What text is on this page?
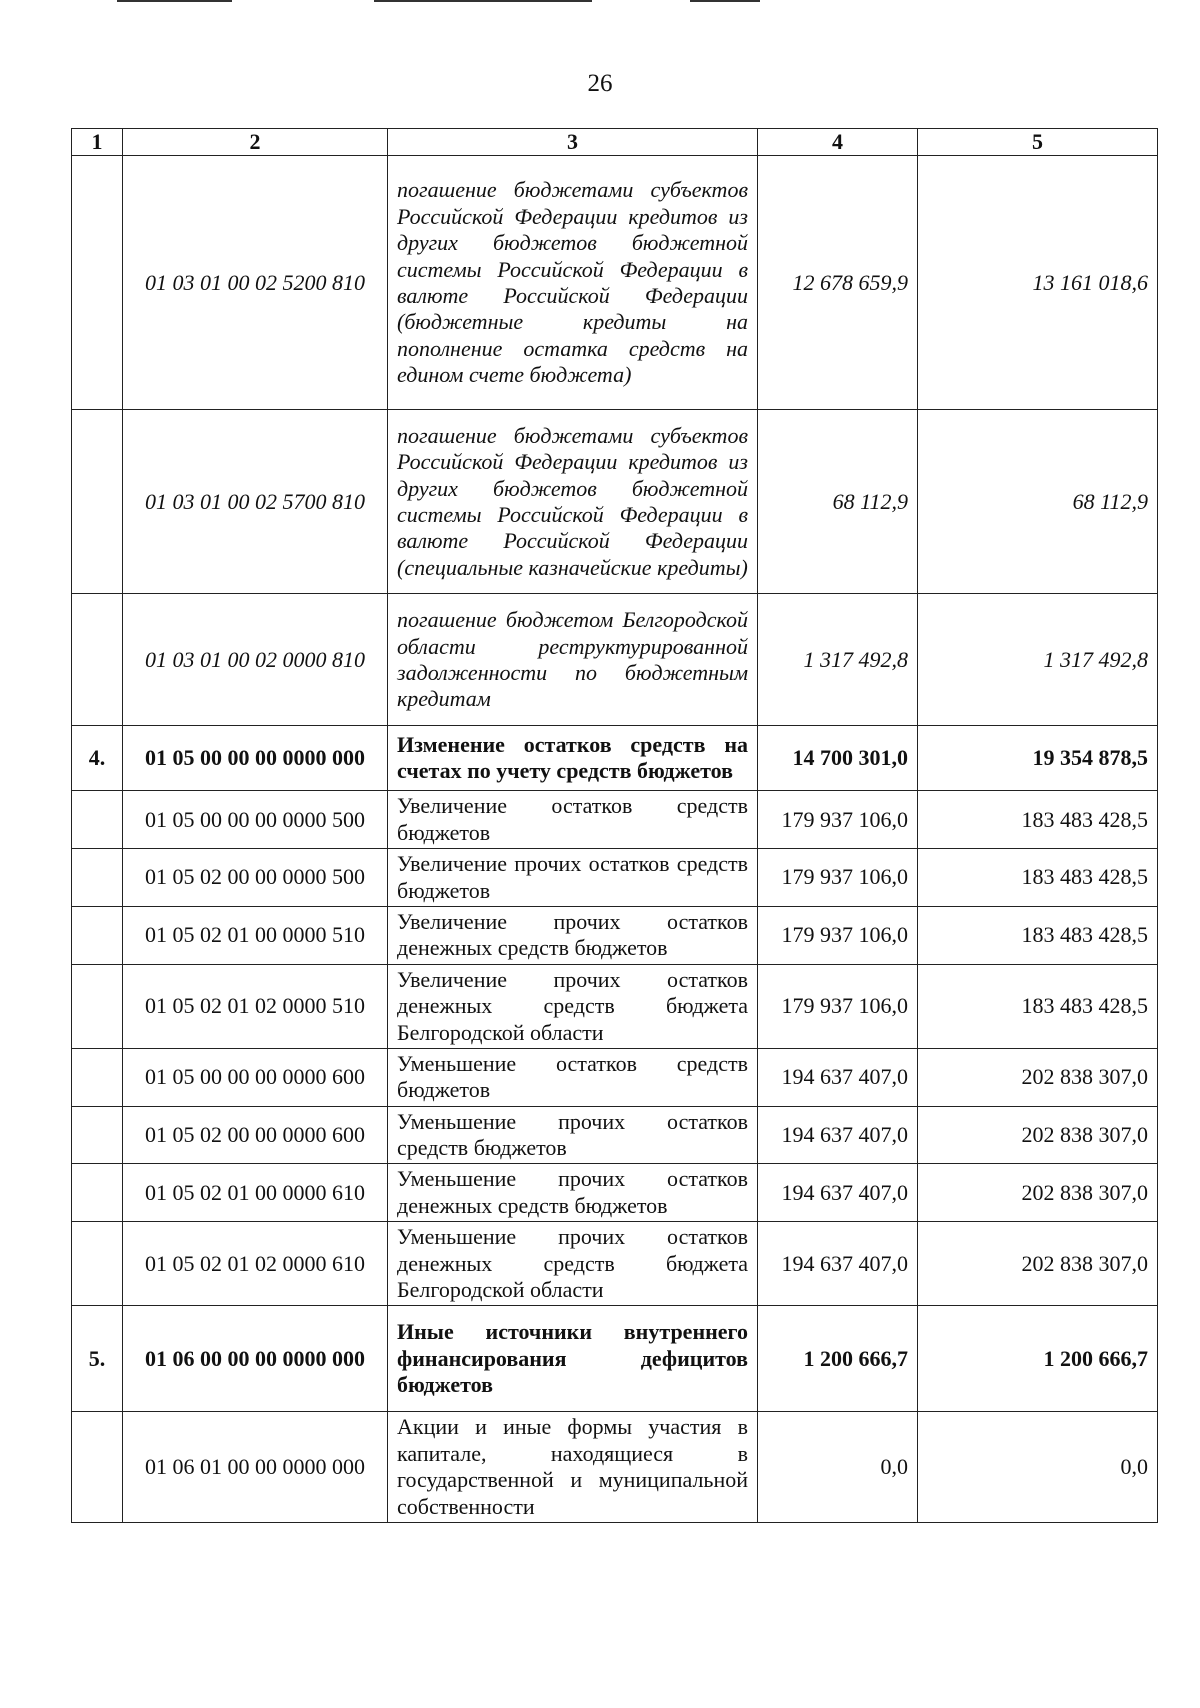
26
1	2	3	4	5
	01 03 01 00 02 5200 810	погашение бюджетами субъектов Российской Федерации кредитов из других бюджетов бюджетной системы Российской Федерации в валюте Российской Федерации (бюджетные кредиты на пополнение остатка средств на едином счете бюджета)	12 678 659,9	13 161 018,6
	01 03 01 00 02 5700 810	погашение бюджетами субъектов Российской Федерации кредитов из других бюджетов бюджетной системы Российской Федерации в валюте Российской Федерации (специальные казначейские кредиты)	68 112,9	68 112,9
	01 03 01 00 02 0000 810	погашение бюджетом Белгородской области реструктурированной задолженности по бюджетным кредитам	1 317 492,8	1 317 492,8
4.	01 05 00 00 00 0000 000	Изменение остатков средств на счетах по учету средств бюджетов	14 700 301,0	19 354 878,5
	01 05 00 00 00 0000 500	Увеличение остатков средств бюджетов	179 937 106,0	183 483 428,5
	01 05 02 00 00 0000 500	Увеличение прочих остатков средств бюджетов	179 937 106,0	183 483 428,5
	01 05 02 01 00 0000 510	Увеличение прочих остатков денежных средств бюджетов	179 937 106,0	183 483 428,5
	01 05 02 01 02 0000 510	Увеличение прочих остатков денежных средств бюджета Белгородской области	179 937 106,0	183 483 428,5
	01 05 00 00 00 0000 600	Уменьшение остатков средств бюджетов	194 637 407,0	202 838 307,0
	01 05 02 00 00 0000 600	Уменьшение прочих остатков средств бюджетов	194 637 407,0	202 838 307,0
	01 05 02 01 00 0000 610	Уменьшение прочих остатков денежных средств бюджетов	194 637 407,0	202 838 307,0
	01 05 02 01 02 0000 610	Уменьшение прочих остатков денежных средств бюджета Белгородской области	194 637 407,0	202 838 307,0
5.	01 06 00 00 00 0000 000	Иные источники внутреннего финансирования дефицитов бюджетов	1 200 666,7	1 200 666,7
	01 06 01 00 00 0000 000	Акции и иные формы участия в капитале, находящиеся в государственной и муниципальной собственности	0,0	0,0
